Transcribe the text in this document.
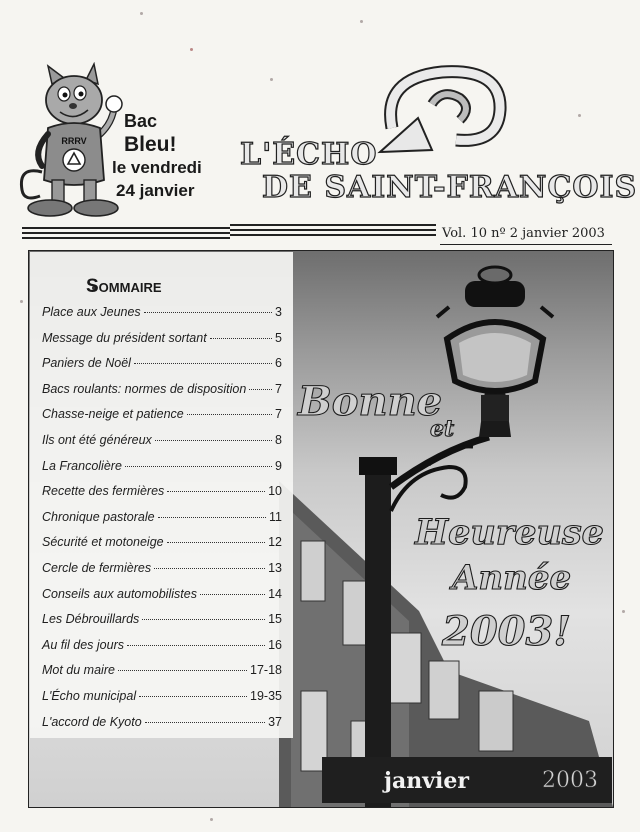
RRRV
Bac
Bleu!
le vendredi
24 janvier
L'ÉCHO
DE SAINT-FRANÇOIS
Vol. 10 nº 2 janvier 2003
Sommaire
Place aux Jeunes	3
Message du président sortant	5
Paniers de Noël	6
Bacs roulants: normes de disposition 7
Chasse-neige et patience	7
Ils ont été généreux	8
La Francolière	9
Recette des fermières	10
Chronique pastorale	11
Sécurité et motoneige	12
Cercle de fermières	13
Conseils aux automobilistes	14
Les Débrouillards	15
Au fil des jours	16
Mot du maire	17-18
L'Écho municipal	19-35
L'accord de Kyoto	37
Bonne
et
Heureuse
Année
2003!
janvier	2003
